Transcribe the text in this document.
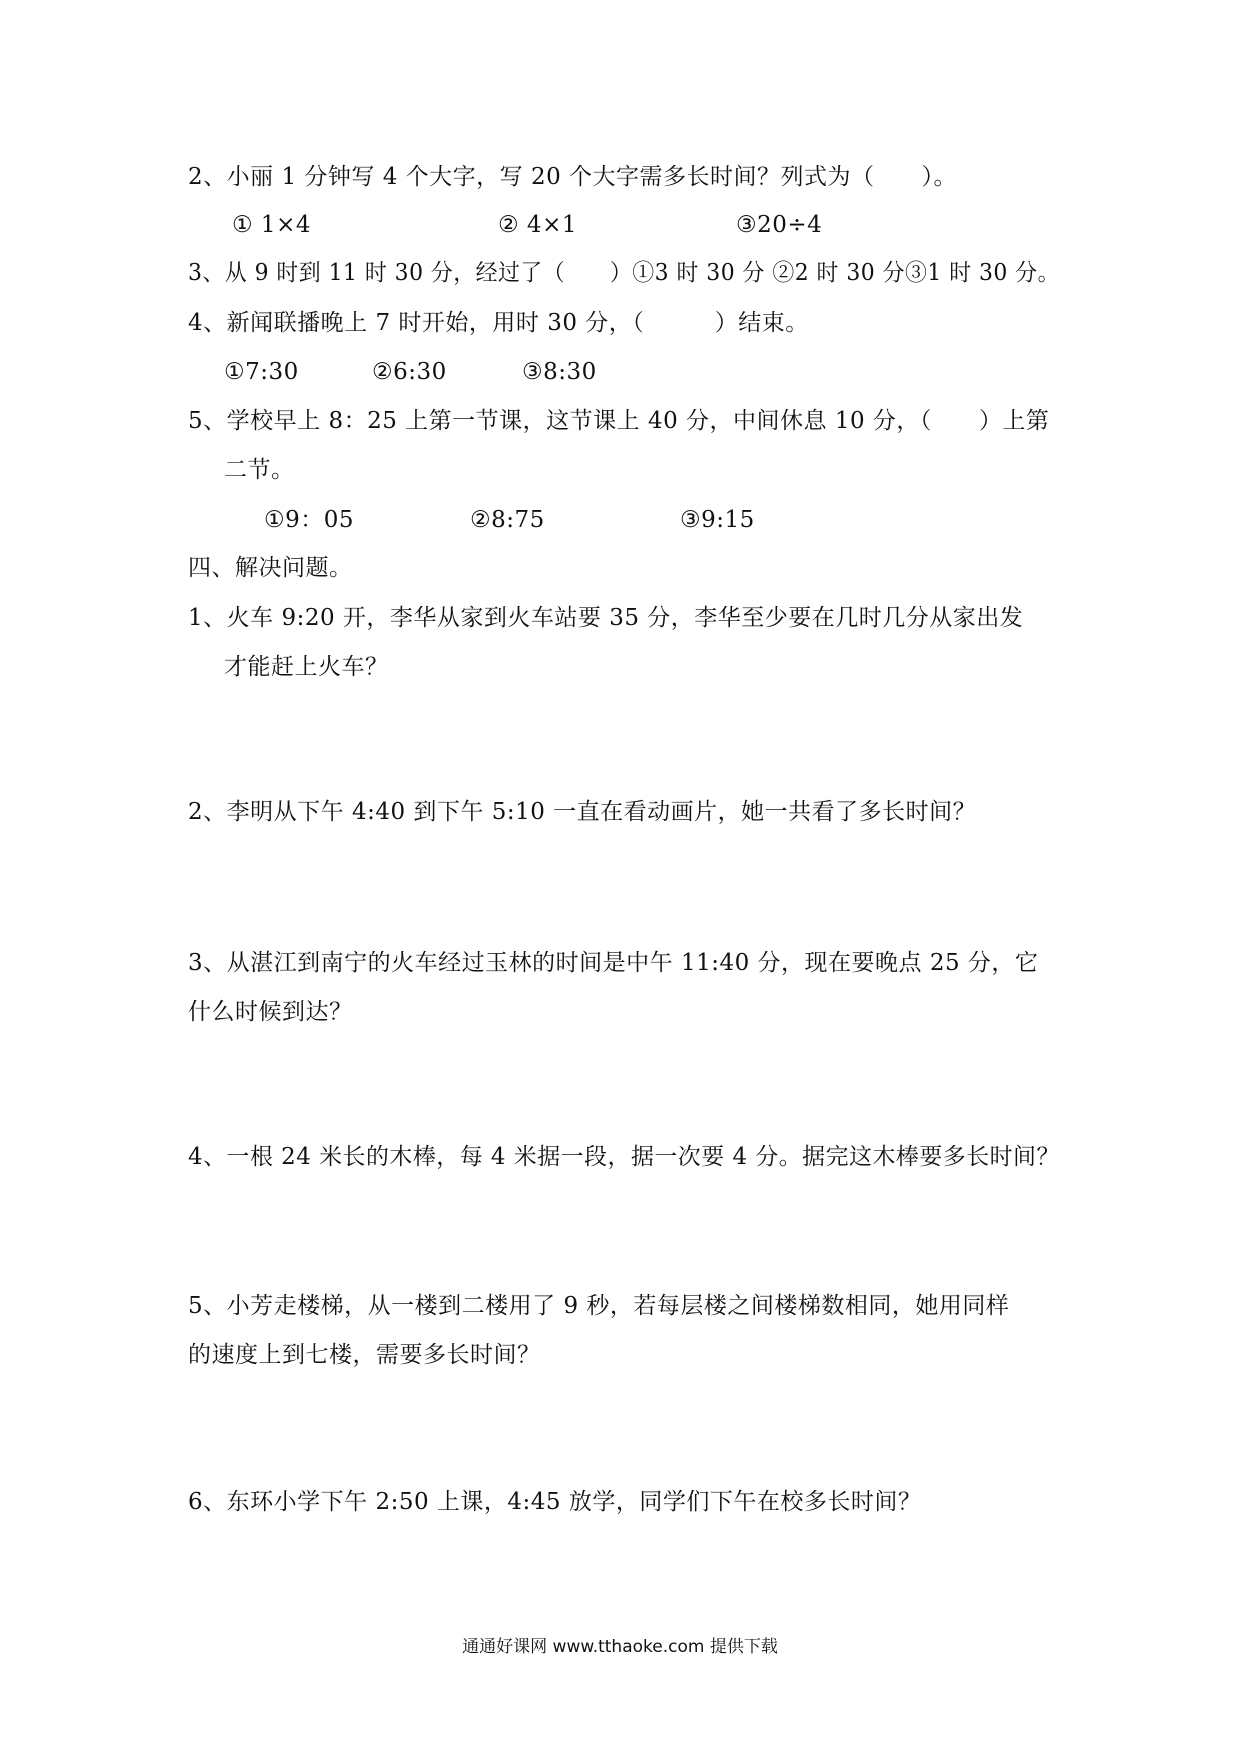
2、小丽 1 分钟写 4 个大字，写 20 个大字需多长时间？列式为（　　）。
① 1×4	② 4×1	③20÷4
3、从 9 时到 11 时 30 分，经过了（　　）①3 时 30 分 ②2 时 30 分③1 时 30 分。
4、新闻联播晚上 7 时开始，用时 30 分，（　　　）结束。
①7:30	②6:30	③8:30
5、学校早上 8：25 上第一节课，这节课上 40 分，中间休息 10 分，（　　）上第
二节。
①9：05	②8:75	③9:15
四、解决问题。
1、火车 9:20 开，李华从家到火车站要 35 分，李华至少要在几时几分从家出发
才能赶上火车？
2、李明从下午 4:40 到下午 5:10 一直在看动画片，她一共看了多长时间？
3、从湛江到南宁的火车经过玉林的时间是中午 11:40 分，现在要晚点 25 分，它
什么时候到达？
4、一根 24 米长的木棒，每 4 米据一段，据一次要 4 分。据完这木棒要多长时间？
5、小芳走楼梯，从一楼到二楼用了 9 秒，若每层楼之间楼梯数相同，她用同样
的速度上到七楼，需要多长时间？
6、东环小学下午 2:50 上课，4:45 放学，同学们下午在校多长时间？
通通好课网 www.tthaoke.com 提供下载
